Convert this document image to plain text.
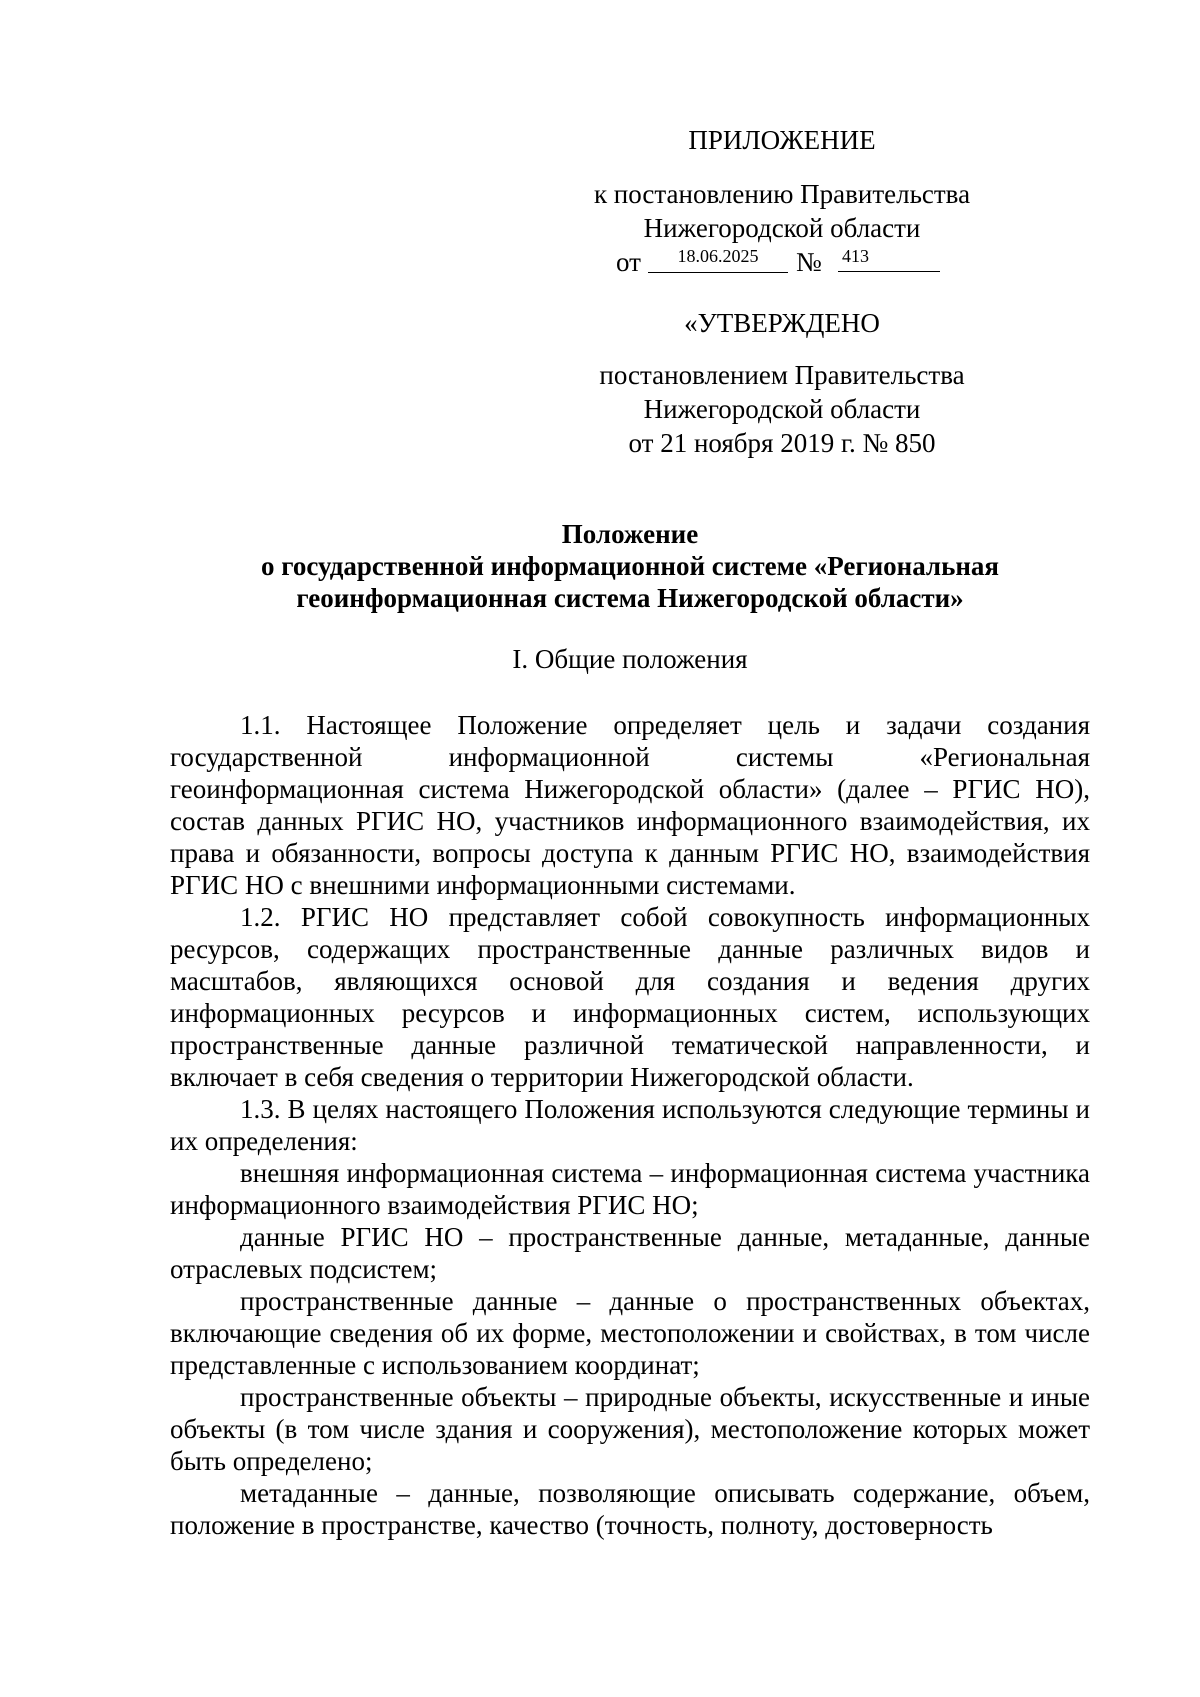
ПРИЛОЖЕНИЕ
к постановлению Правительства
Нижегородской области
от	18.06.2025	№ 413
«УТВЕРЖДЕНО
постановлением Правительства
Нижегородской области
от 21 ноября 2019 г. № 850
Положение
о государственной информационной системе «Региональная
геоинформационная система Нижегородской области»
I. Общие положения

1.1. Настоящее Положение определяет цель и задачи создания государственной информационной системы «Региональная геоинформационная система Нижегородской области» (далее – РГИС НО), состав данных РГИС НО, участников информационного взаимодействия, их права и обязанности, вопросы доступа к данным РГИС НО, взаимодействия РГИС НО с внешними информационными системами.

1.2. РГИС НО представляет собой совокупность информационных ресурсов, содержащих пространственные данные различных видов и масштабов, являющихся основой для создания и ведения других информационных ресурсов и информационных систем, использующих пространственные данные различной тематической направленности, и включает в себя сведения о территории Нижегородской области.

1.3. В целях настоящего Положения используются следующие термины и их определения:

внешняя информационная система – информационная система участника информационного взаимодействия РГИС НО;

данные РГИС НО – пространственные данные, метаданные, данные отраслевых подсистем;

пространственные данные – данные о пространственных объектах, включающие сведения об их форме, местоположении и свойствах, в том числе представленные с использованием координат;

пространственные объекты – природные объекты, искусственные и иные объекты (в том числе здания и сооружения), местоположение которых может быть определено;

метаданные – данные, позволяющие описывать содержание, объем, положение в пространстве, качество (точность, полноту, достоверность
